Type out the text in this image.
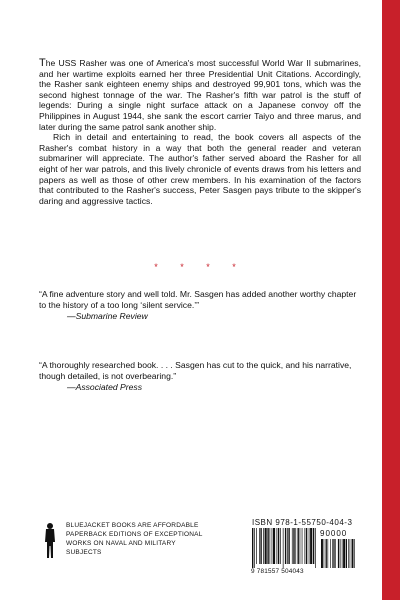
The USS Rasher was one of America's most successful World War II submarines, and her wartime exploits earned her three Presidential Unit Citations. Accordingly, the Rasher sank eighteen enemy ships and destroyed 99,901 tons, which was the second highest tonnage of the war. The Rasher's fifth war patrol is the stuff of legends: During a single night surface attack on a Japanese convoy off the Philippines in August 1944, she sank the escort carrier Taiyo and three marus, and later during the same patrol sank another ship.

Rich in detail and entertaining to read, the book covers all aspects of the Rasher's combat history in a way that both the general reader and veteran submariner will appreciate. The author's father served aboard the Rasher for all eight of her war patrols, and this lively chronicle of events draws from his letters and papers as well as those of other crew members. In his examination of the factors that contributed to the Rasher's success, Peter Sasgen pays tribute to the skipper's daring and aggressive tactics.

* * * *
“A fine adventure story and well told. Mr. Sasgen has added another worthy chapter to the history of a too long ‘silent service.’”
—Submarine Review
“A thoroughly researched book. . . . Sasgen has cut to the quick, and his narrative, though detailed, is not overbearing.”
—Associated Press
BLUEJACKET BOOKS ARE AFFORDABLE PAPERBACK EDITIONS OF EXCEPTIONAL WORKS ON NAVAL AND MILITARY SUBJECTS
ISBN 978-1-55750-404-3
90000
9 781557 504043
